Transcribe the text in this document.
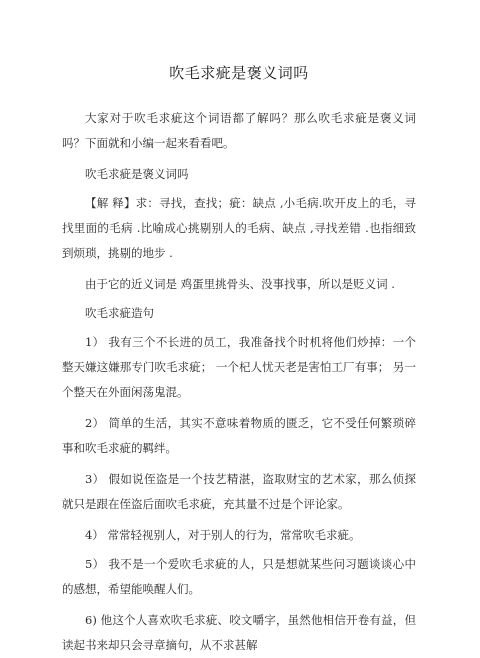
吹毛求疵是褒义词吗

大家对于吹毛求疵这个词语都了解吗？那么吹毛求疵是褒义词吗？下面就和小编一起来看看吧。

吹毛求疵是褒义词吗

【解 释】求：寻找，查找；疵：缺点 ,小毛病.吹开皮上的毛，寻找里面的毛病 .比喻成心挑剔别人的毛病、缺点 ,寻找差错 .也指细致到烦琐，挑剔的地步 .

由于它的近义词是 鸡蛋里挑骨头、没事找事，所以是贬义词 .

吹毛求疵造句

1） 我有三个不长进的员工，我准备找个时机将他们炒掉：一个整天嫌这嫌那专门吹毛求疵； 一个杞人忧天老是害怕工厂有事； 另一个整天在外面闲荡鬼混。

2） 简单的生活，其实不意味着物质的匮乏，它不受任何繁琐碎事和吹毛求疵的羁绊。

3） 假如说侄盗是一个技艺精湛，盗取财宝的艺术家，那么侦探就只是跟在侄盗后面吹毛求疵，充其量不过是个评论家。

4） 常常轻视别人，对于别人的行为，常常吹毛求疵。

5） 我不是一个爱吹毛求疵的人，只是想就某些问习题谈谈心中的感想，希望能唤醒人们。

6) 他这个人喜欢吹毛求疵、咬文嚼字，虽然他相信开卷有益，但读起书来却只会寻章摘句，从不求甚解
